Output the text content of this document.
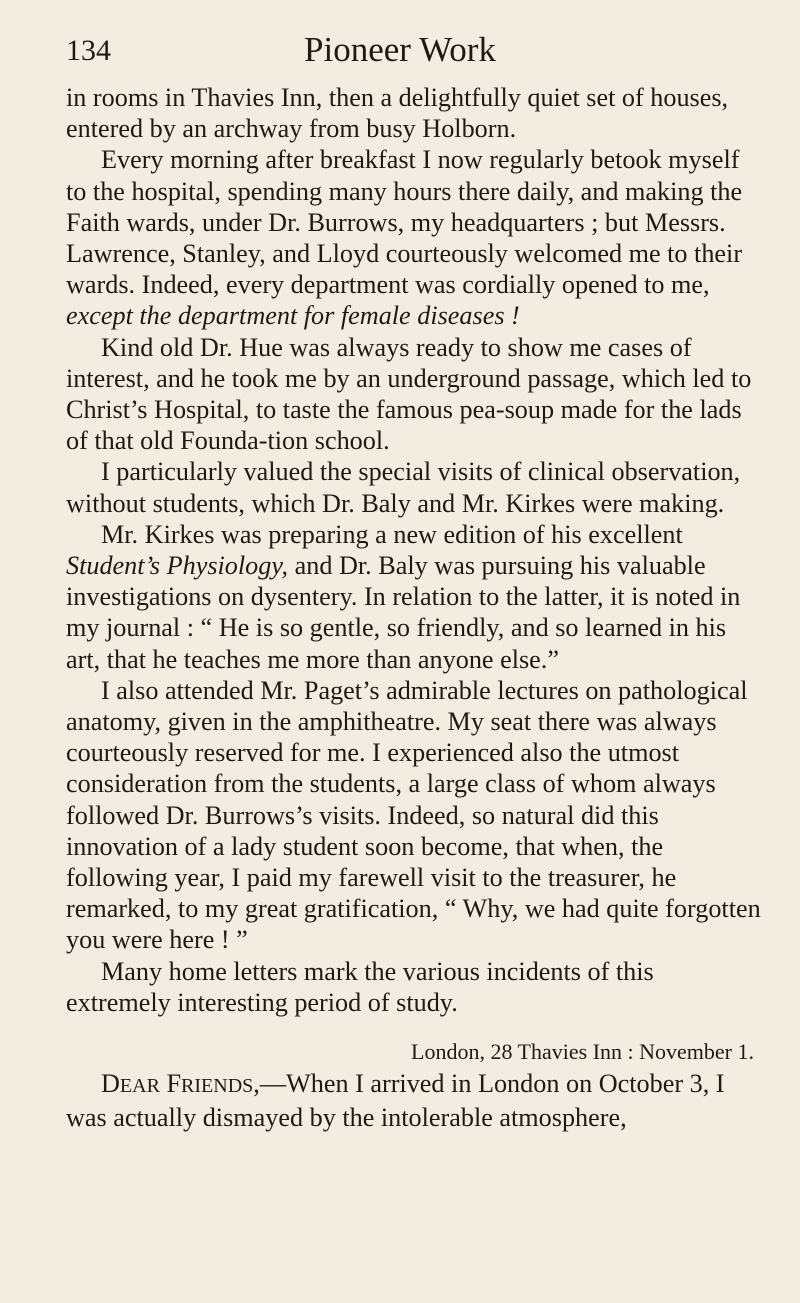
134	Pioneer Work

in rooms in Thavies Inn, then a delightfully quiet set of houses, entered by an archway from busy Holborn.

Every morning after breakfast I now regularly betook myself to the hospital, spending many hours there daily, and making the Faith wards, under Dr. Burrows, my headquarters ; but Messrs. Lawrence, Stanley, and Lloyd courteously welcomed me to their wards. Indeed, every department was cordially opened to me, except the department for female diseases !

Kind old Dr. Hue was always ready to show me cases of interest, and he took me by an underground passage, which led to Christ’s Hospital, to taste the famous pea-soup made for the lads of that old Founda-tion school.

I particularly valued the special visits of clinical observation, without students, which Dr. Baly and Mr. Kirkes were making.

Mr. Kirkes was preparing a new edition of his excellent Student’s Physiology, and Dr. Baly was pursuing his valuable investigations on dysentery. In relation to the latter, it is noted in my journal : “ He is so gentle, so friendly, and so learned in his art, that he teaches me more than anyone else.”

I also attended Mr. Paget’s admirable lectures on pathological anatomy, given in the amphitheatre. My seat there was always courteously reserved for me. I experienced also the utmost consideration from the students, a large class of whom always followed Dr. Burrows’s visits. Indeed, so natural did this innovation of a lady student soon become, that when, the following year, I paid my farewell visit to the treasurer, he remarked, to my great gratification, “ Why, we had quite forgotten you were here ! ”

Many home letters mark the various incidents of this extremely interesting period of study.

London, 28 Thavies Inn : November 1.

DEAR FRIENDS,—When I arrived in London on October 3, I was actually dismayed by the intolerable atmosphere,
